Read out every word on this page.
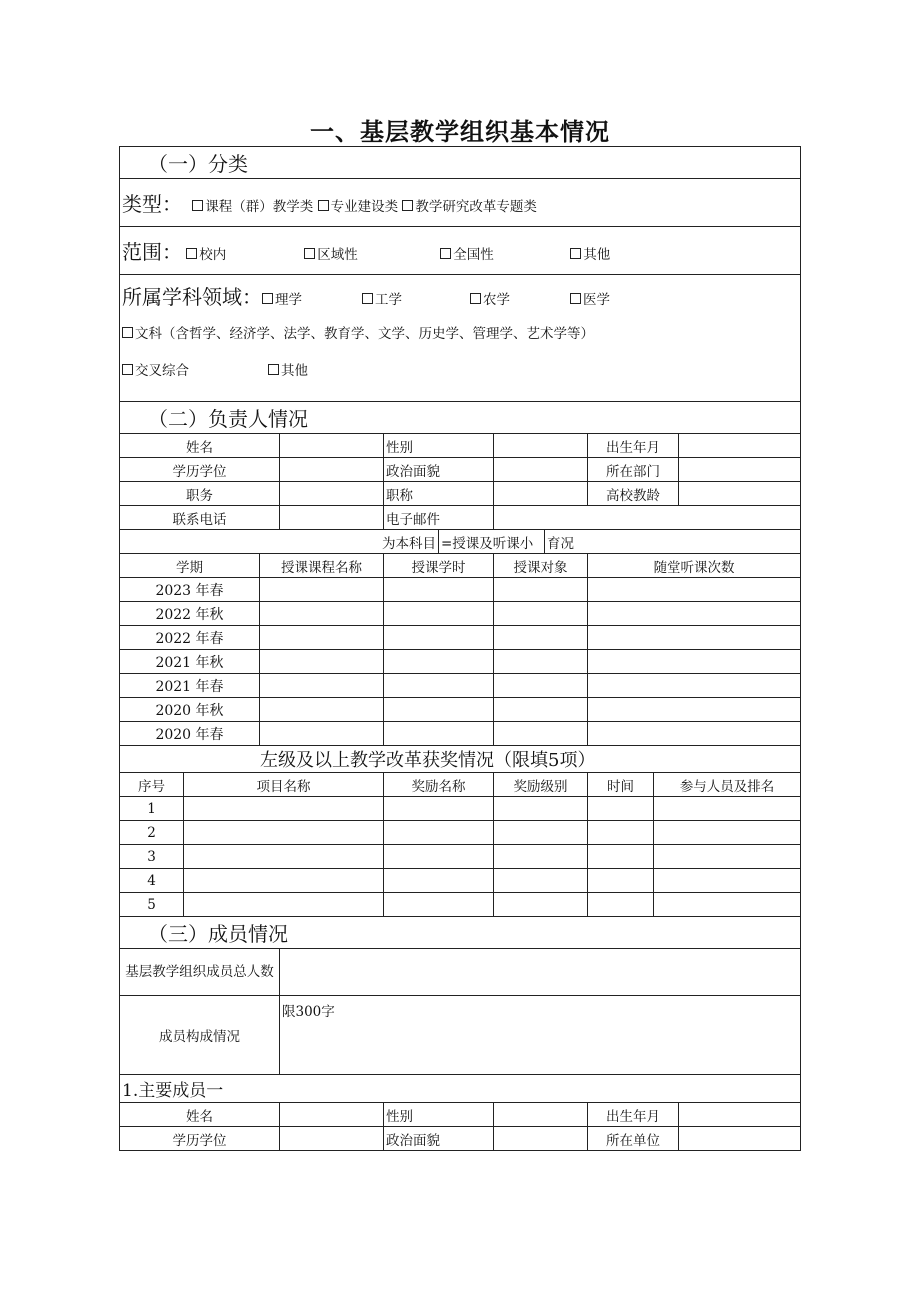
一、基层教学组织基本情况
（一）分类										
类型： 课程（群）教学类 专业建设类 教学研究改革专题类										
范围： 校内 区域性 全国性 其他										

所属学科领域： 理学 工学 农学 医学
文科（含哲学、经济学、法学、教育学、文学、历史学、管理学、艺术学等）
交叉综合 其他										

（二）负责人情况										
姓名				性别				出生年月		
学历学位				政治面貌				所在部门		
职务				职称				高校教龄		
联系电话				电子邮件						
为本科目					=授课及听课小		育况			
学期		授课课程名称		授课学时		授课对象		随堂听课次数		
2023 年春										
2022 年秋										
2022 年春										
2021 年秋										
2021 年春										
2020 年秋										
2020 年春										
左级及以上教学改革获奖情况（限填5项）										
序号	项目名称			奖励名称		奖励级别		时间	参与人员及排名	
1										
2										
3										
4										
5										
（三）成员情况										
基层教学组织成员总人数										
成员构成情况			限300字							
1.主要成员一										
姓名				性别				出生年月		
学历学位				政治面貌				所在单位		
